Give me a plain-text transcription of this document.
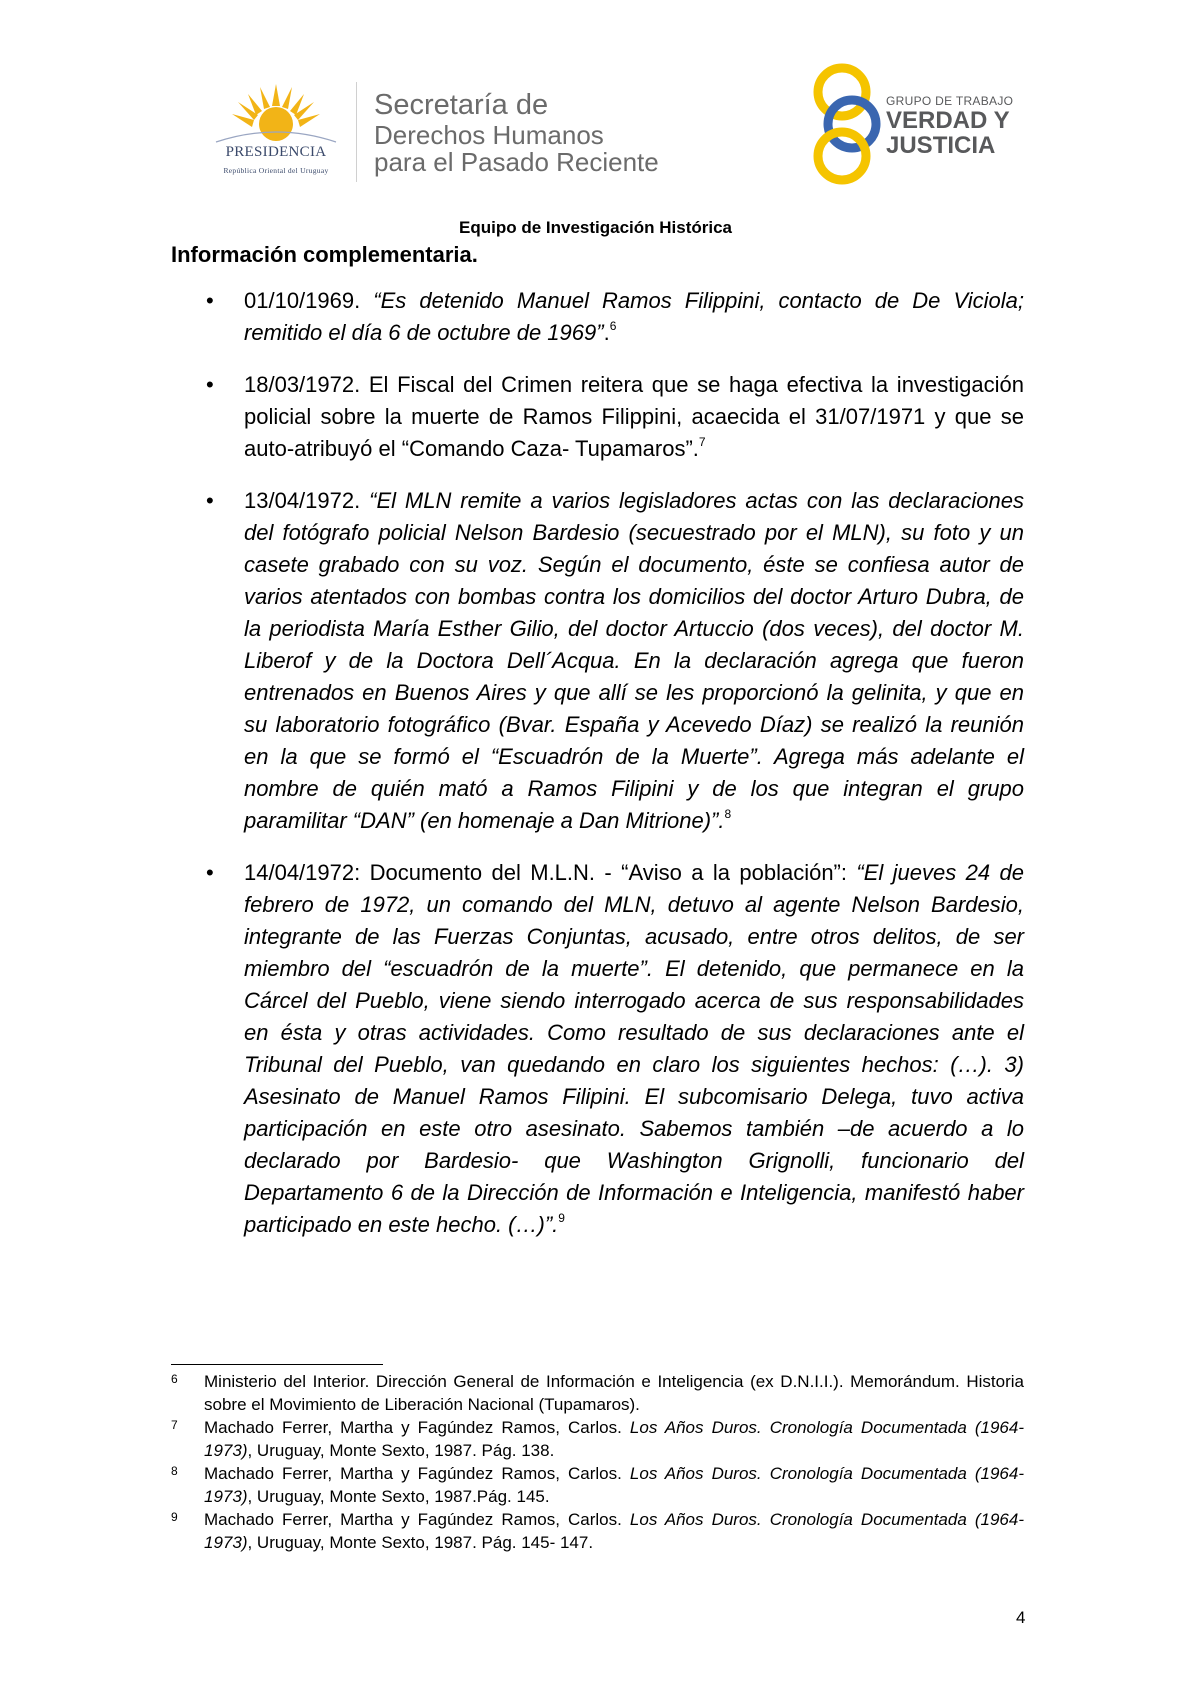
PRESIDENCIA
República Oriental del Uruguay
Secretaría de
Derechos Humanos
para el Pasado Reciente
GRUPO DE TRABAJO
VERDAD Y
JUSTICIA
Equipo de Investigación Histórica
Información complementaria.
• 01/10/1969. “Es detenido Manuel Ramos Filippini, contacto de De Viciola; remitido el día 6 de octubre de 1969”.$^6$
• 18/03/1972. El Fiscal del Crimen reitera que se haga efectiva la investigación policial sobre la muerte de Ramos Filippini, acaecida el 31/07/1971 y que se auto-atribuyó el “Comando Caza- Tupamaros”.$^7$
• 13/04/1972. “El MLN remite a varios legisladores actas con las declaraciones del fotógrafo policial Nelson Bardesio (secuestrado por el MLN), su foto y un casete grabado con su voz. Según el documento, éste se confiesa autor de varios atentados con bombas contra los domicilios del doctor Arturo Dubra, de la periodista María Esther Gilio, del doctor Artuccio (dos veces), del doctor M. Liberof y de la Doctora Dell´Acqua. En la declaración agrega que fueron entrenados en Buenos Aires y que allí se les proporcionó la gelinita, y que en su laboratorio fotográfico (Bvar. España y Acevedo Díaz) se realizó la reunión en la que se formó el “Escuadrón de la Muerte”. Agrega más adelante el nombre de quién mató a Ramos Filipini y de los que integran el grupo paramilitar “DAN” (en homenaje a Dan Mitrione)”.$^8$
• 14/04/1972: Documento del M.L.N. - “Aviso a la población”: “El jueves 24 de febrero de 1972, un comando del MLN, detuvo al agente Nelson Bardesio, integrante de las Fuerzas Conjuntas, acusado, entre otros delitos, de ser miembro del “escuadrón de la muerte”. El detenido, que permanece en la Cárcel del Pueblo, viene siendo interrogado acerca de sus responsabilidades en ésta y otras actividades. Como resultado de sus declaraciones ante el Tribunal del Pueblo, van quedando en claro los siguientes hechos: (…). 3) Asesinato de Manuel Ramos Filipini. El subcomisario Delega, tuvo activa participación en este otro asesinato. Sabemos también –de acuerdo a lo declarado por Bardesio- que Washington Grignolli, funcionario del Departamento 6 de la Dirección de Información e Inteligencia, manifestó haber participado en este hecho. (…)”.$^9$
6 Ministerio del Interior. Dirección General de Información e Inteligencia (ex D.N.I.I.). Memorándum. Historia sobre el Movimiento de Liberación Nacional (Tupamaros).
7 Machado Ferrer, Martha y Fagúndez Ramos, Carlos. Los Años Duros. Cronología Documentada (1964- 1973), Uruguay, Monte Sexto, 1987. Pág. 138.
8 Machado Ferrer, Martha y Fagúndez Ramos, Carlos. Los Años Duros. Cronología Documentada (1964- 1973), Uruguay, Monte Sexto, 1987.Pág. 145.
9 Machado Ferrer, Martha y Fagúndez Ramos, Carlos. Los Años Duros. Cronología Documentada (1964- 1973), Uruguay, Monte Sexto, 1987. Pág. 145- 147.
4
